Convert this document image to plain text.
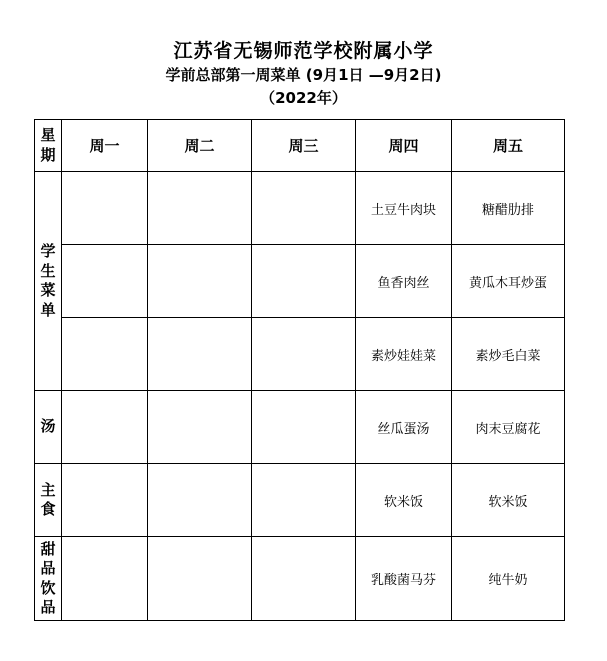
江苏省无锡师范学校附属小学
学前总部第一周菜单 (9月1日 —9月2日)
（2022年）
星期	周一	周二	周三	周四	周五
学生菜单				土豆牛肉块	糖醋肋排
				鱼香肉丝	黄瓜木耳炒蛋
				素炒娃娃菜	素炒毛白菜
汤				丝瓜蛋汤	肉末豆腐花
主食				软米饭	软米饭
甜品饮品				乳酸菌马芬	纯牛奶
